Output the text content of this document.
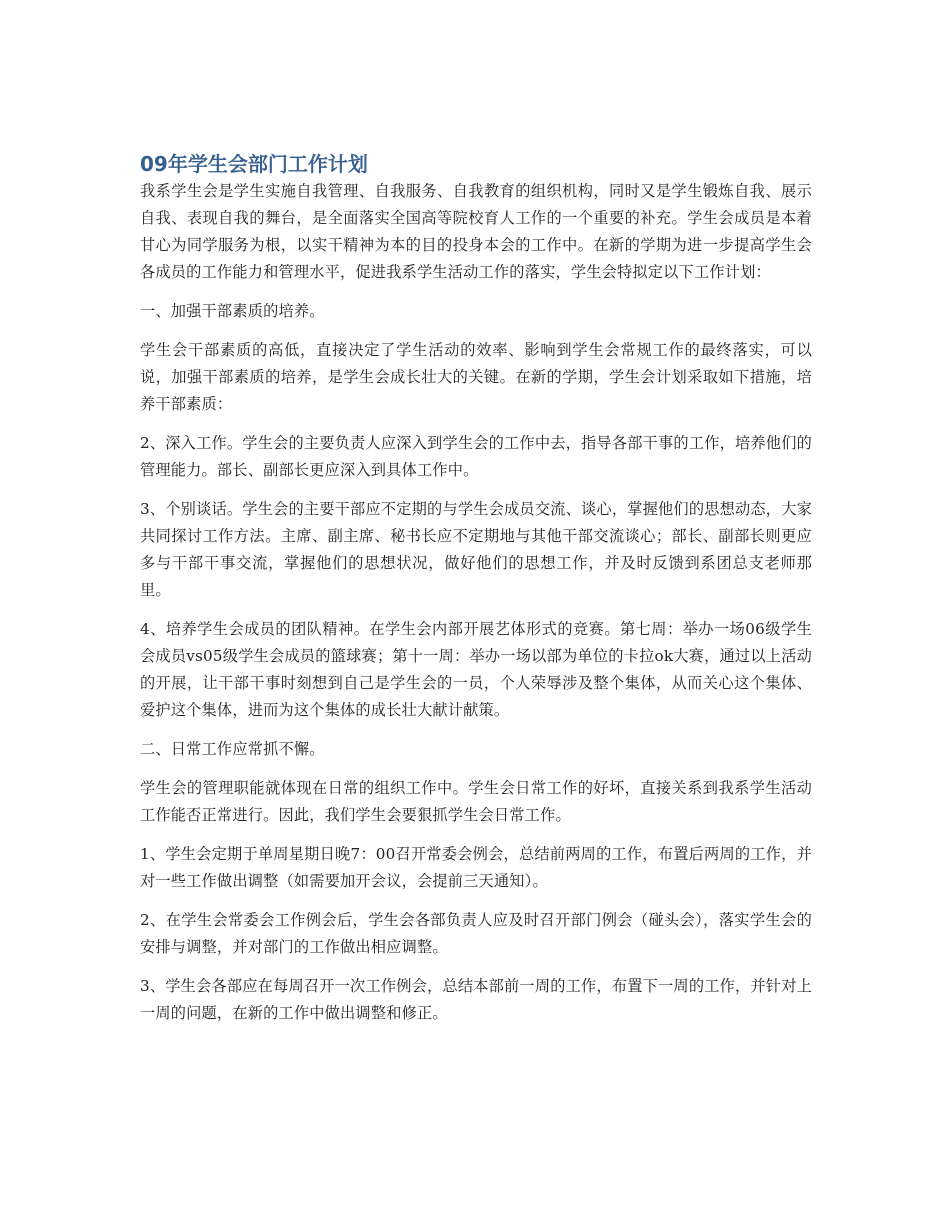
09年学生会部门工作计划

我系学生会是学生实施自我管理、自我服务、自我教育的组织机构，同时又是学生锻炼自我、展示自我、表现自我的舞台，是全面落实全国高等院校育人工作的一个重要的补充。学生会成员是本着甘心为同学服务为根，以实干精神为本的目的投身本会的工作中。在新的学期为进一步提高学生会各成员的工作能力和管理水平，促进我系学生活动工作的落实，学生会特拟定以下工作计划：

一、加强干部素质的培养。

学生会干部素质的高低，直接决定了学生活动的效率、影响到学生会常规工作的最终落实，可以说，加强干部素质的培养，是学生会成长壮大的关键。在新的学期，学生会计划采取如下措施，培养干部素质：

2、深入工作。学生会的主要负责人应深入到学生会的工作中去，指导各部干事的工作，培养他们的管理能力。部长、副部长更应深入到具体工作中。

3、个别谈话。学生会的主要干部应不定期的与学生会成员交流、谈心，掌握他们的思想动态，大家共同探讨工作方法。主席、副主席、秘书长应不定期地与其他干部交流谈心；部长、副部长则更应多与干部干事交流，掌握他们的思想状况，做好他们的思想工作，并及时反馈到系团总支老师那里。

4、培养学生会成员的团队精神。在学生会内部开展艺体形式的竞赛。第七周：举办一场06级学生会成员vs05级学生会成员的篮球赛；第十一周：举办一场以部为单位的卡拉ok大赛，通过以上活动的开展，让干部干事时刻想到自己是学生会的一员，个人荣辱涉及整个集体，从而关心这个集体、爱护这个集体，进而为这个集体的成长壮大献计献策。

二、日常工作应常抓不懈。

学生会的管理职能就体现在日常的组织工作中。学生会日常工作的好坏，直接关系到我系学生活动工作能否正常进行。因此，我们学生会要狠抓学生会日常工作。

1、学生会定期于单周星期日晚7：00召开常委会例会，总结前两周的工作，布置后两周的工作，并对一些工作做出调整（如需要加开会议，会提前三天通知）。

2、在学生会常委会工作例会后，学生会各部负责人应及时召开部门例会（碰头会），落实学生会的安排与调整，并对部门的工作做出相应调整。

3、学生会各部应在每周召开一次工作例会，总结本部前一周的工作，布置下一周的工作，并针对上一周的问题，在新的工作中做出调整和修正。
